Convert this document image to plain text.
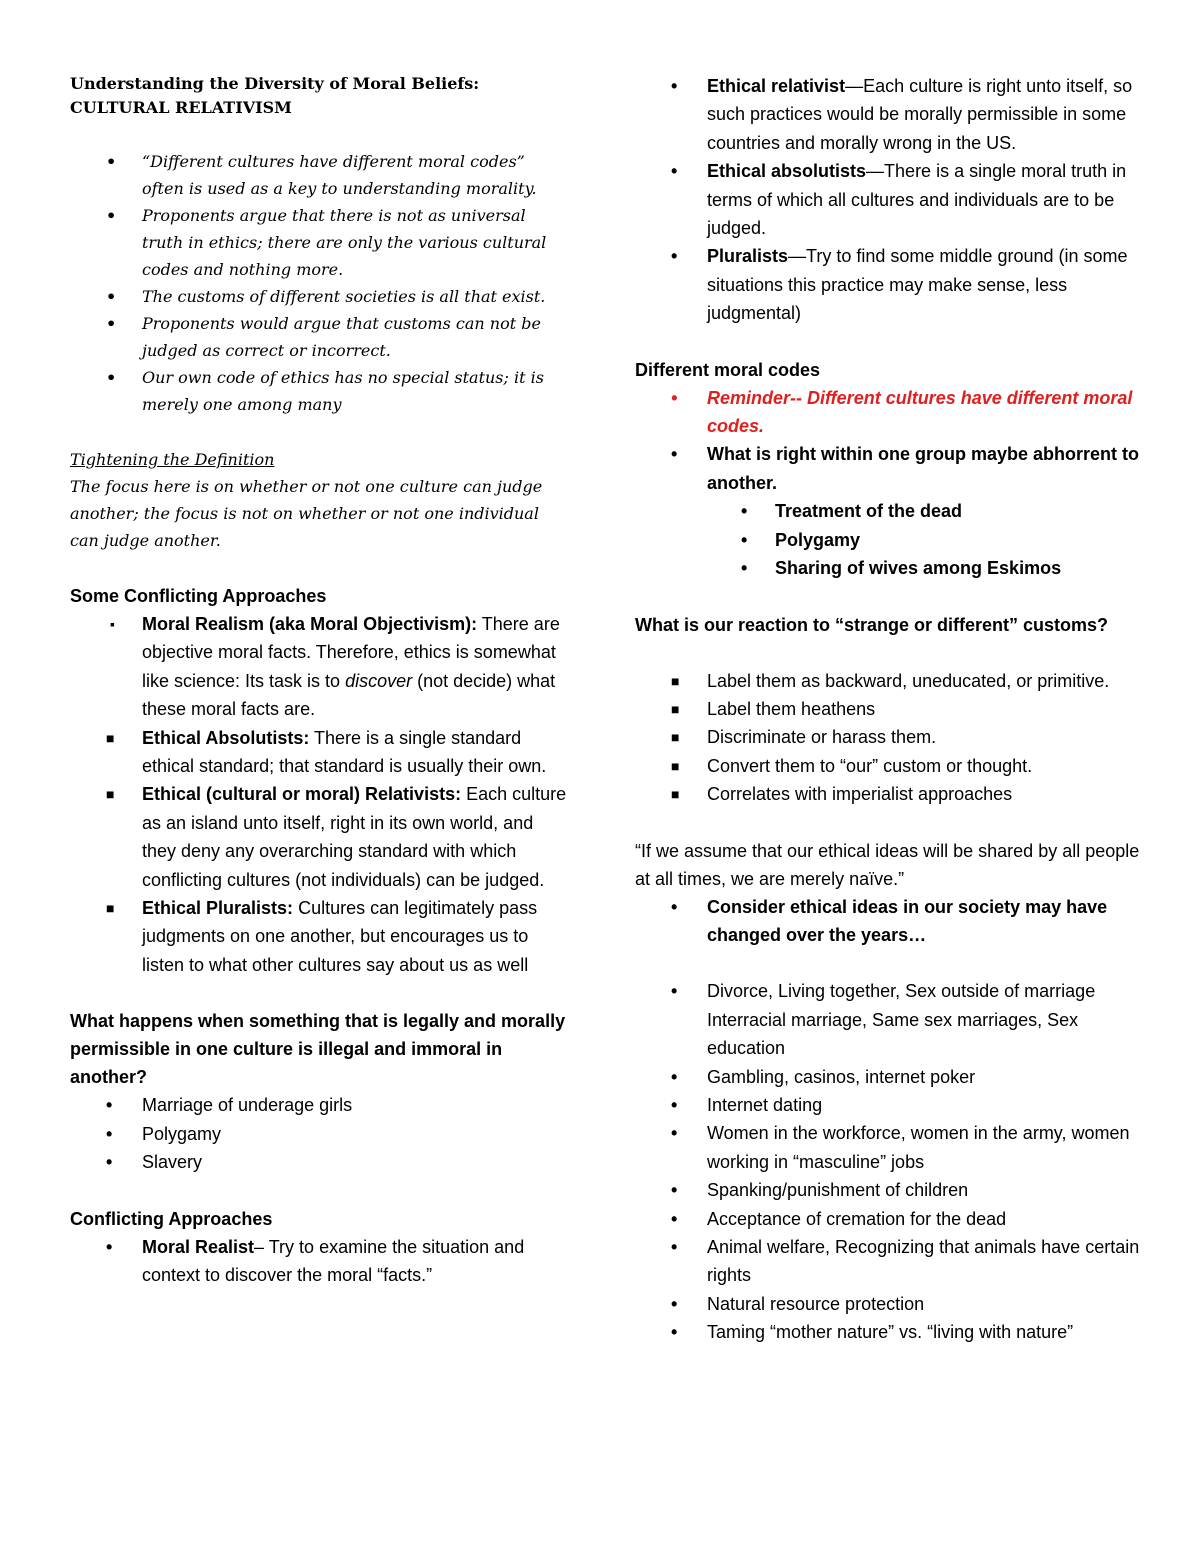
Understanding the Diversity of Moral Beliefs:
CULTURAL RELATIVISM

• “Different cultures have different moral codes” often is used as a key to understanding morality.
• Proponents argue that there is not as universal truth in ethics; there are only the various cultural codes and nothing more.
• The customs of different societies is all that exist.
• Proponents would argue that customs can not be judged as correct or incorrect.
• Our own code of ethics has no special status; it is merely one among many

Tightening the Definition
The focus here is on whether or not one culture can judge another; the focus is not on whether or not one individual can judge another.

Some Conflicting Approaches

▪ Moral Realism (aka Moral Objectivism): There are objective moral facts. Therefore, ethics is somewhat like science: Its task is to discover (not decide) what these moral facts are.
■ Ethical Absolutists: There is a single standard ethical standard; that standard is usually their own.
■ Ethical (cultural or moral) Relativists: Each culture as an island unto itself, right in its own world, and they deny any overarching standard with which conflicting cultures (not individuals) can be judged.
■ Ethical Pluralists: Cultures can legitimately pass judgments on one another, but encourages us to listen to what other cultures say about us as well

What happens when something that is legally and morally permissible in one culture is illegal and immoral in another?

• Marriage of underage girls
• Polygamy
• Slavery

Conflicting Approaches

• Moral Realist– Try to examine the situation and context to discover the moral “facts.”
• Ethical relativist—Each culture is right unto itself, so such practices would be morally permissible in some countries and morally wrong in the US.
• Ethical absolutists—There is a single moral truth in terms of which all cultures and individuals are to be judged.
• Pluralists—Try to find some middle ground (in some situations this practice may make sense, less judgmental)

Different moral codes

• Reminder-- Different cultures have different moral codes.
• What is right within one group maybe abhorrent to another.
• Treatment of the dead
• Polygamy
• Sharing of wives among Eskimos

What is our reaction to “strange or different” customs?

■ Label them as backward, uneducated, or primitive.
■ Label them heathens
■ Discriminate or harass them.
■ Convert them to “our” custom or thought.
■ Correlates with imperialist approaches

“If we assume that our ethical ideas will be shared by all people at all times, we are merely naïve.”

• Consider ethical ideas in our society may have changed over the years…
• Divorce, Living together, Sex outside of marriage Interracial marriage, Same sex marriages, Sex education
• Gambling, casinos, internet poker
• Internet dating
• Women in the workforce, women in the army, women working in “masculine” jobs
• Spanking/punishment of children
• Acceptance of cremation for the dead
• Animal welfare, Recognizing that animals have certain rights
• Natural resource protection
• Taming “mother nature” vs. “living with nature”
